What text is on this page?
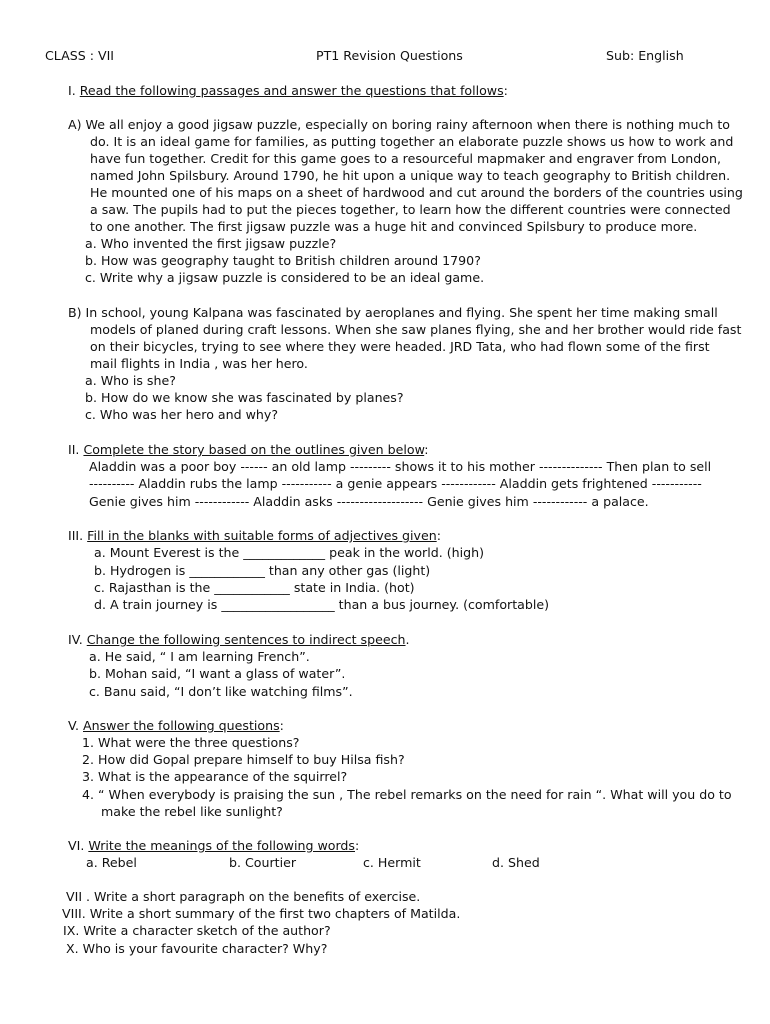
CLASS : VII	PT1 Revision Questions	Sub: English
I. Read the following passages and answer the questions that follows:
A) We all enjoy a good jigsaw puzzle, especially on boring rainy afternoon when there is nothing much to
do. It is an ideal game for families, as putting together an elaborate puzzle shows us how to work and
have fun together. Credit for this game goes to a resourceful mapmaker and engraver from London,
named John Spilsbury. Around 1790, he hit upon a unique way to teach geography to British children.
He mounted one of his maps on a sheet of hardwood and cut around the borders of the countries using
a saw. The pupils had to put the pieces together, to learn how the different countries were connected
to one another. The first jigsaw puzzle was a huge hit and convinced Spilsbury to produce more.
a. Who invented the first jigsaw puzzle?
b. How was geography taught to British children around 1790?
c. Write why a jigsaw puzzle is considered to be an ideal game.
B) In school, young Kalpana was fascinated by aeroplanes and flying. She spent her time making small
models of planed during craft lessons. When she saw planes flying, she and her brother would ride fast
on their bicycles, trying to see where they were headed. JRD Tata, who had flown some of the first
mail flights in India , was her hero.
a. Who is she?
b. How do we know she was fascinated by planes?
c. Who was her hero and why?
II. Complete the story based on the outlines given below:
Aladdin was a poor boy ------ an old lamp --------- shows it to his mother -------------- Then plan to sell
---------- Aladdin rubs the lamp ----------- a genie appears ------------ Aladdin gets frightened -----------
Genie gives him ------------ Aladdin asks ------------------- Genie gives him ------------ a palace.
III. Fill in the blanks with suitable forms of adjectives given:
a. Mount Everest is the _____________ peak in the world. (high)
b. Hydrogen is ____________ than any other gas (light)
c. Rajasthan is the ____________ state in India. (hot)
d. A train journey is __________________ than a bus journey. (comfortable)
IV. Change the following sentences to indirect speech.
a. He said, “ I am learning French”.
b. Mohan said, “I want a glass of water”.
c. Banu said, “I don’t like watching films”.
V. Answer the following questions:
1. What were the three questions?
2. How did Gopal prepare himself to buy Hilsa fish?
3. What is the appearance of the squirrel?
4. “ When everybody is praising the sun , The rebel remarks on the need for rain “. What will you do to
make the rebel like sunlight?
VI. Write the meanings of the following words:
a. Rebel	b. Courtier	c. Hermit	d. Shed
VII . Write a short paragraph on the benefits of exercise.
VIII. Write a short summary of the first two chapters of Matilda.
IX. Write a character sketch of the author?
X. Who is your favourite character? Why?
